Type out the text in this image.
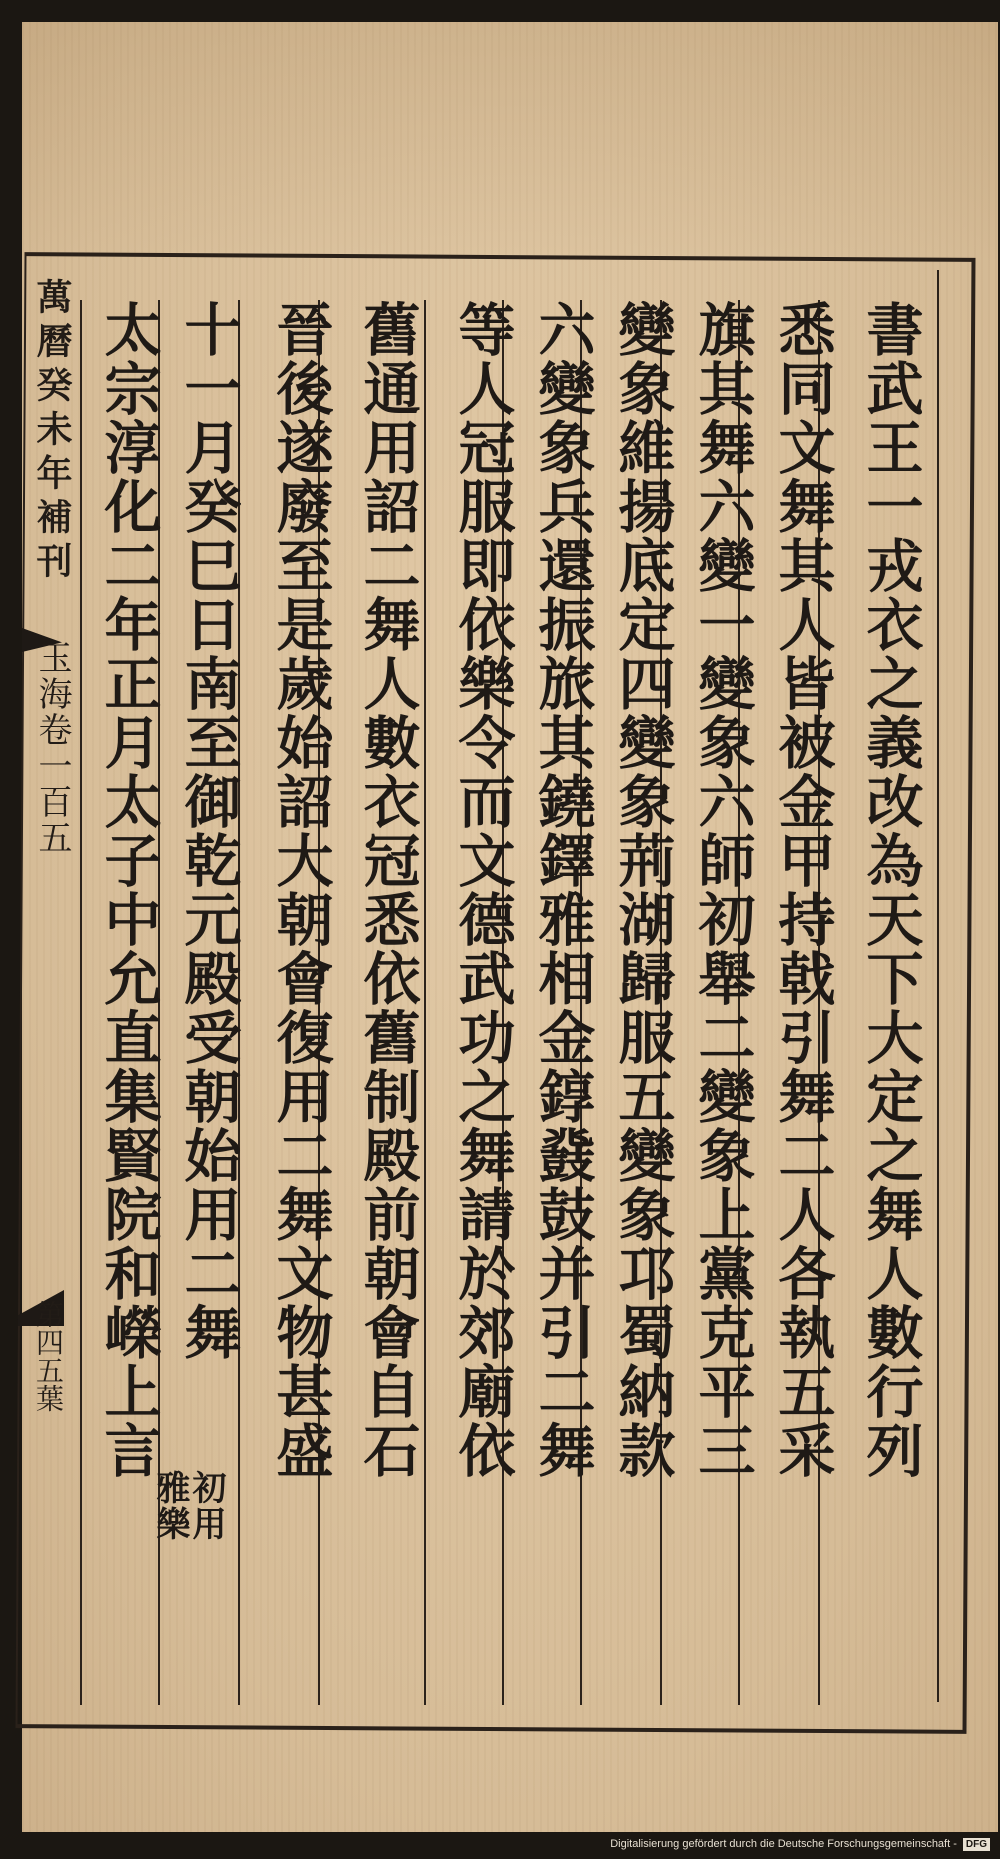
書武王一戎衣之義改為天下大定之舞人數行列
悉同文舞其人皆被金甲持戟引舞二人各執五采
旗其舞六變一變象六師初舉二變象上黨克平三
變象維揚底定四變象荊湖歸服五變象邛蜀納款
六變象兵還振旅其鐃鐸雅相金錞鼗鼓并引二舞
等人冠服即依樂令而文德武功之舞請於郊廟依
舊通用詔二舞人數衣冠悉依舊制殿前朝會自石
晉後遂廢至是歲始詔大朝會復用二舞文物甚盛
十一月癸巳日南至御乾元殿受朝始用二舞
太宗淳化二年正月太子中允直集賢院和嶸上言
初用雅樂
萬曆癸未年補刊
玉海卷一百五
第四五葉
Digitalisierung gefördert durch die Deutsche Forschungsgemeinschaft - DFG
